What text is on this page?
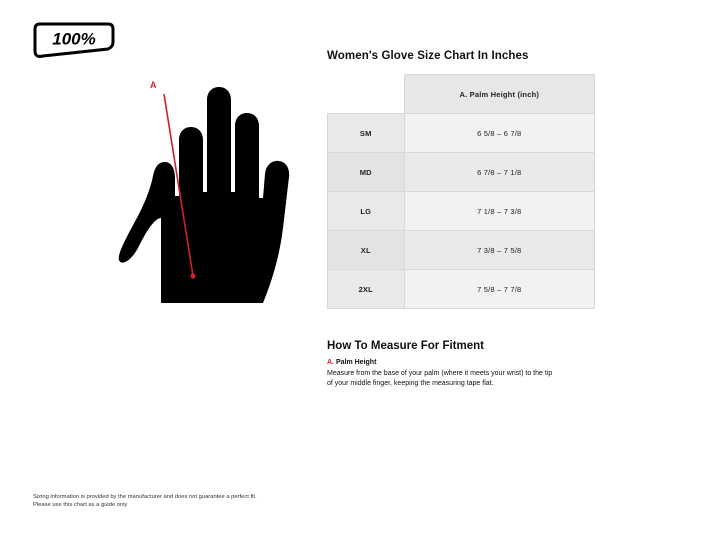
100%
A
Women's Glove Size Chart In Inches
	A. Palm Height (inch)
SM	6 5/8 – 6 7/8
MD	6 7/8 – 7 1/8
LG	7 1/8 – 7 3/8
XL	7 3/8 – 7 5/8
2XL	7 5/8 – 7 7/8
How To Measure For Fitment

A. Palm Height

Measure from the base of your palm (where it meets your wrist) to the tip of your middle finger, keeping the measuring tape flat.

Sizing information is provided by the manufacturer and does not guarantee a perfect fit.

Please use this chart as a guide only
